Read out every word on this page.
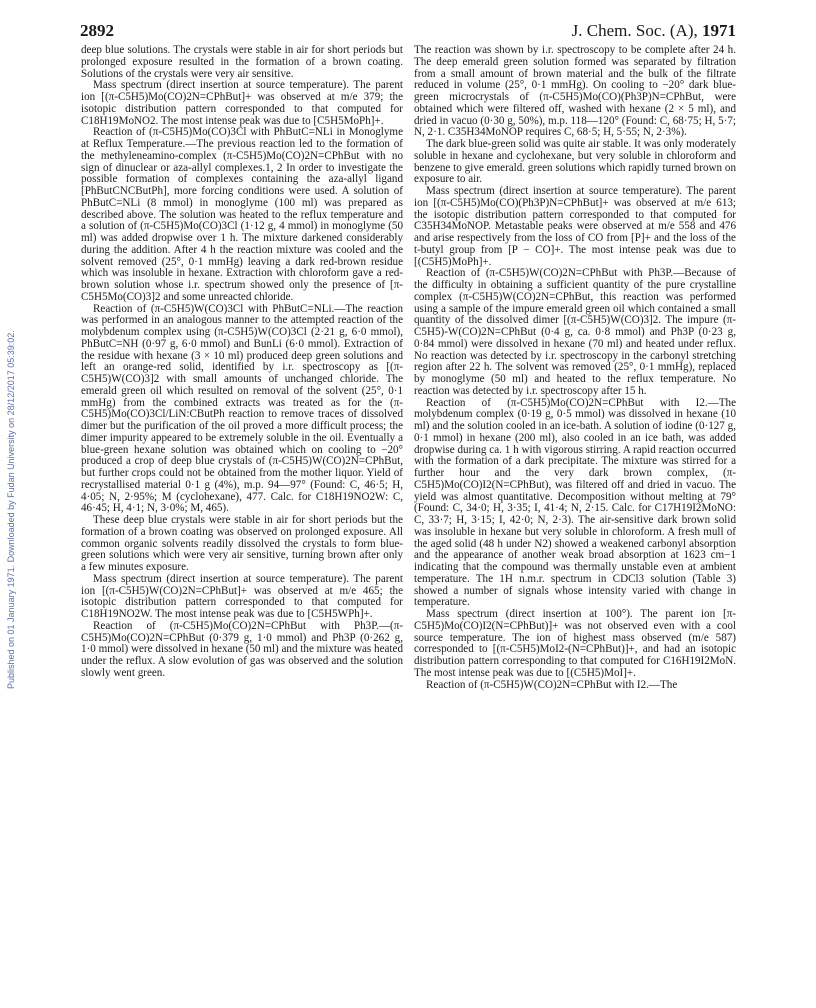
2892	J. Chem. Soc. (A), 1971
Published on 01 January 1971. Downloaded by Fudan University on 28/12/2017 05:39:02.

deep blue solutions. The crystals were stable in air for short periods but prolonged exposure resulted in the formation of a brown coating. Solutions of the crystals were very air sensitive.

Mass spectrum (direct insertion at source temperature). The parent ion [(π-C5H5)Mo(CO)2N=CPhBut]+ was observed at m/e 379; the isotopic distribution pattern corresponded to that computed for C18H19MoNO2. The most intense peak was due to [C5H5MoPh]+.

Reaction of (π-C5H5)Mo(CO)3Cl with PhButC=NLi in Monoglyme at Reflux Temperature.—The previous reaction led to the formation of the methyleneamino-complex (π-C5H5)Mo(CO)2N=CPhBut with no sign of dinuclear or aza-allyl complexes.1, 2 In order to investigate the possible formation of complexes containing the aza-allyl ligand [PhButCNCButPh], more forcing conditions were used. A solution of PhButC=NLi (8 mmol) in monoglyme (100 ml) was prepared as described above. The solution was heated to the reflux temperature and a solution of (π-C5H5)Mo(CO)3Cl (1·12 g, 4 mmol) in monoglyme (50 ml) was added dropwise over 1 h. The mixture darkened considerably during the addition. After 4 h the reaction mixture was cooled and the solvent removed (25°, 0·1 mmHg) leaving a dark red-brown residue which was insoluble in hexane. Extraction with chloroform gave a red-brown solution whose i.r. spectrum showed only the presence of [π-C5H5Mo(CO)3]2 and some unreacted chloride.

Reaction of (π-C5H5)W(CO)3Cl with PhButC=NLi.—The reaction was performed in an analogous manner to the attempted reaction of the molybdenum complex using (π-C5H5)W(CO)3Cl (2·21 g, 6·0 mmol), PhButC=NH (0·97 g, 6·0 mmol) and BunLi (6·0 mmol). Extraction of the residue with hexane (3 × 10 ml) produced deep green solutions and left an orange-red solid, identified by i.r. spectroscopy as [(π-C5H5)W(CO)3]2 with small amounts of unchanged chloride. The emerald green oil which resulted on removal of the solvent (25°, 0·1 mmHg) from the combined extracts was treated as for the (π-C5H5)Mo(CO)3Cl/LiN:CButPh reaction to remove traces of dissolved dimer but the purification of the oil proved a more difficult process; the dimer impurity appeared to be extremely soluble in the oil. Eventually a blue-green hexane solution was obtained which on cooling to −20° produced a crop of deep blue crystals of (π-C5H5)W(CO)2N=CPhBut, but further crops could not be obtained from the mother liquor. Yield of recrystallised material 0·1 g (4%), m.p. 94—97° (Found: C, 46·5; H, 4·05; N, 2·95%; M (cyclohexane), 477. Calc. for C18H19NO2W: C, 46·45; H, 4·1; N, 3·0%; M, 465).

These deep blue crystals were stable in air for short periods but the formation of a brown coating was observed on prolonged exposure. All common organic solvents readily dissolved the crystals to form blue-green solutions which were very air sensitive, turning brown after only a few minutes exposure.

Mass spectrum (direct insertion at source temperature). The parent ion [(π-C5H5)W(CO)2N=CPhBut]+ was observed at m/e 465; the isotopic distribution pattern corresponded to that computed for C18H19NO2W. The most intense peak was due to [C5H5WPh]+.

Reaction of (π-C5H5)Mo(CO)2N=CPhBut with Ph3P.—(π-C5H5)Mo(CO)2N=CPhBut (0·379 g, 1·0 mmol) and Ph3P (0·262 g, 1·0 mmol) were dissolved in hexane (50 ml) and the mixture was heated under the reflux. A slow evolution of gas was observed and the solution slowly went green.

The reaction was shown by i.r. spectroscopy to be complete after 24 h. The deep emerald green solution formed was separated by filtration from a small amount of brown material and the bulk of the filtrate reduced in volume (25°, 0·1 mmHg). On cooling to −20° dark blue-green microcrystals of (π-C5H5)Mo(CO)(Ph3P)N=CPhBut, were obtained which were filtered off, washed with hexane (2 × 5 ml), and dried in vacuo (0·30 g, 50%), m.p. 118—120° (Found: C, 68·75; H, 5·7; N, 2·1. C35H34MoNOP requires C, 68·5; H, 5·55; N, 2·3%).

The dark blue-green solid was quite air stable. It was only moderately soluble in hexane and cyclohexane, but very soluble in chloroform and benzene to give emerald. green solutions which rapidly turned brown on exposure to air.

Mass spectrum (direct insertion at source temperature). The parent ion [(π-C5H5)Mo(CO)(Ph3P)N=CPhBut]+ was observed at m/e 613; the isotopic distribution pattern corresponded to that computed for C35H34MoNOP. Metastable peaks were observed at m/e 558 and 476 and arise respectively from the loss of CO from [P]+ and the loss of the t-butyl group from [P − CO]+. The most intense peak was due to [(C5H5)MoPh]+.

Reaction of (π-C5H5)W(CO)2N=CPhBut with Ph3P.—Because of the difficulty in obtaining a sufficient quantity of the pure crystalline complex (π-C5H5)W(CO)2N=CPhBut, this reaction was performed using a sample of the impure emerald green oil which contained a small quantity of the dissolved dimer [(π-C5H5)W(CO)3]2. The impure (π-C5H5)-W(CO)2N=CPhBut (0·4 g, ca. 0·8 mmol) and Ph3P (0·23 g, 0·84 mmol) were dissolved in hexane (70 ml) and heated under reflux. No reaction was detected by i.r. spectroscopy in the carbonyl stretching region after 22 h. The solvent was removed (25°, 0·1 mmHg), replaced by monoglyme (50 ml) and heated to the reflux temperature. No reaction was detected by i.r. spectroscopy after 15 h.

Reaction of (π-C5H5)Mo(CO)2N=CPhBut with I2.—The molybdenum complex (0·19 g, 0·5 mmol) was dissolved in hexane (10 ml) and the solution cooled in an ice-bath. A solution of iodine (0·127 g, 0·1 mmol) in hexane (200 ml), also cooled in an ice bath, was added dropwise during ca. 1 h with vigorous stirring. A rapid reaction occurred with the formation of a dark precipitate. The mixture was stirred for a further hour and the very dark brown complex, (π-C5H5)Mo(CO)I2(N=CPhBut), was filtered off and dried in vacuo. The yield was almost quantitative. Decomposition without melting at 79° (Found: C, 34·0; H, 3·35; I, 41·4; N, 2·15. Calc. for C17H19I2MoNO: C, 33·7; H, 3·15; I, 42·0; N, 2·3). The air-sensitive dark brown solid was insoluble in hexane but very soluble in chloroform. A fresh mull of the aged solid (48 h under N2) showed a weakened carbonyl absorption and the appearance of another weak broad absorption at 1623 cm−1 indicating that the compound was thermally unstable even at ambient temperature. The 1H n.m.r. spectrum in CDCl3 solution (Table 3) showed a number of signals whose intensity varied with change in temperature.

Mass spectrum (direct insertion at 100°). The parent ion [π-C5H5)Mo(CO)I2(N=CPhBut)]+ was not observed even with a cool source temperature. The ion of highest mass observed (m/e 587) corresponded to [(π-C5H5)MoI2-(N=CPhBut)]+, and had an isotopic distribution pattern corresponding to that computed for C16H19I2MoN. The most intense peak was due to [(C5H5)MoI]+.

Reaction of (π-C5H5)W(CO)2N=CPhBut with I2.—The
